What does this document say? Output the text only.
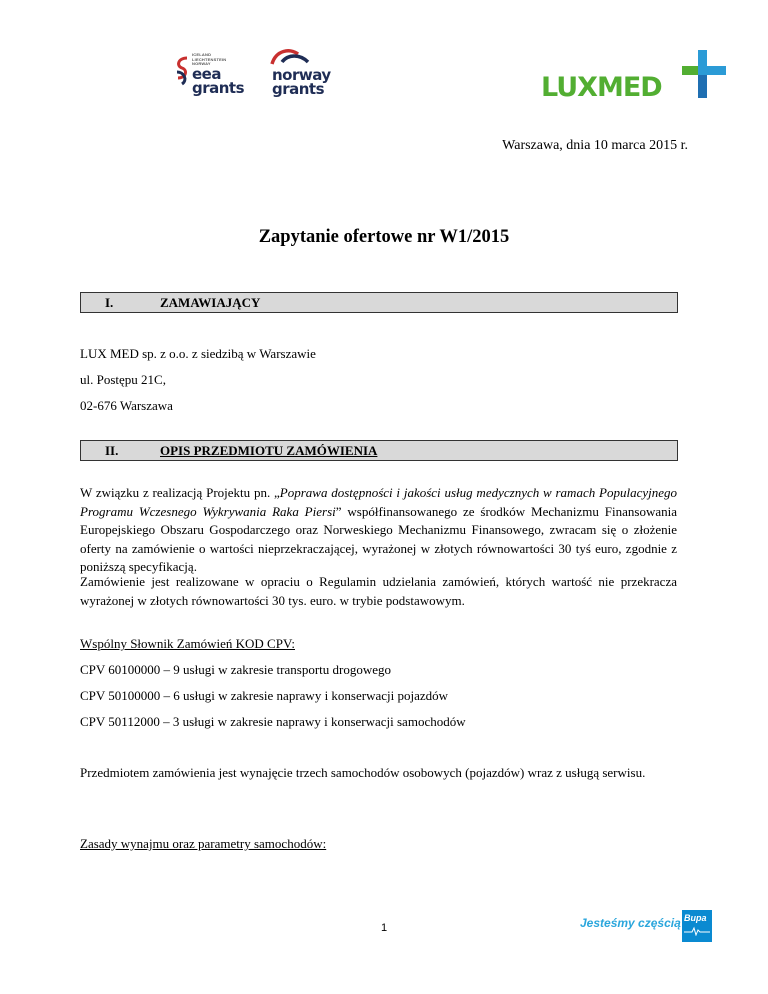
ICELAND
LIECHTENSTEIN
NORWAY
eea
grants
norway
grants	LUXMED
Warszawa, dnia 10 marca 2015 r.
Zapytanie ofertowe nr W1/2015
I.	ZAMAWIAJĄCY
LUX MED sp. z o.o. z siedzibą w Warszawie
ul. Postępu 21C,
02-676 Warszawa
II.	OPIS PRZEDMIOTU ZAMÓWIENIA
W związku z realizacją Projektu pn. „Poprawa dostępności i jakości usług medycznych w ramach Populacyjnego Programu Wczesnego Wykrywania Raka Piersi” współfinansowanego ze środków Mechanizmu Finansowania Europejskiego Obszaru Gospodarczego oraz Norweskiego Mechanizmu Finansowego, zwracam się o złożenie oferty na zamówienie o wartości nieprzekraczającej, wyrażonej w złotych równowartości 30 tyś euro, zgodnie z poniższą specyfikacją.
Zamówienie jest realizowane w opraciu o Regulamin udzielania zamówień, których wartość nie przekracza wyrażonej w złotych równowartości 30 tys. euro. w trybie podstawowym.
Wspólny Słownik Zamówień KOD CPV:
CPV 60100000 – 9 usługi w zakresie transportu drogowego
CPV 50100000 – 6 usługi w zakresie naprawy i konserwacji pojazdów
CPV 50112000 – 3 usługi w zakresie naprawy i konserwacji samochodów
Przedmiotem zamówienia jest wynajęcie trzech samochodów osobowych (pojazdów) wraz z usługą serwisu.
Zasady wynajmu oraz parametry samochodów:
1	Jesteśmy częścią Bupa
